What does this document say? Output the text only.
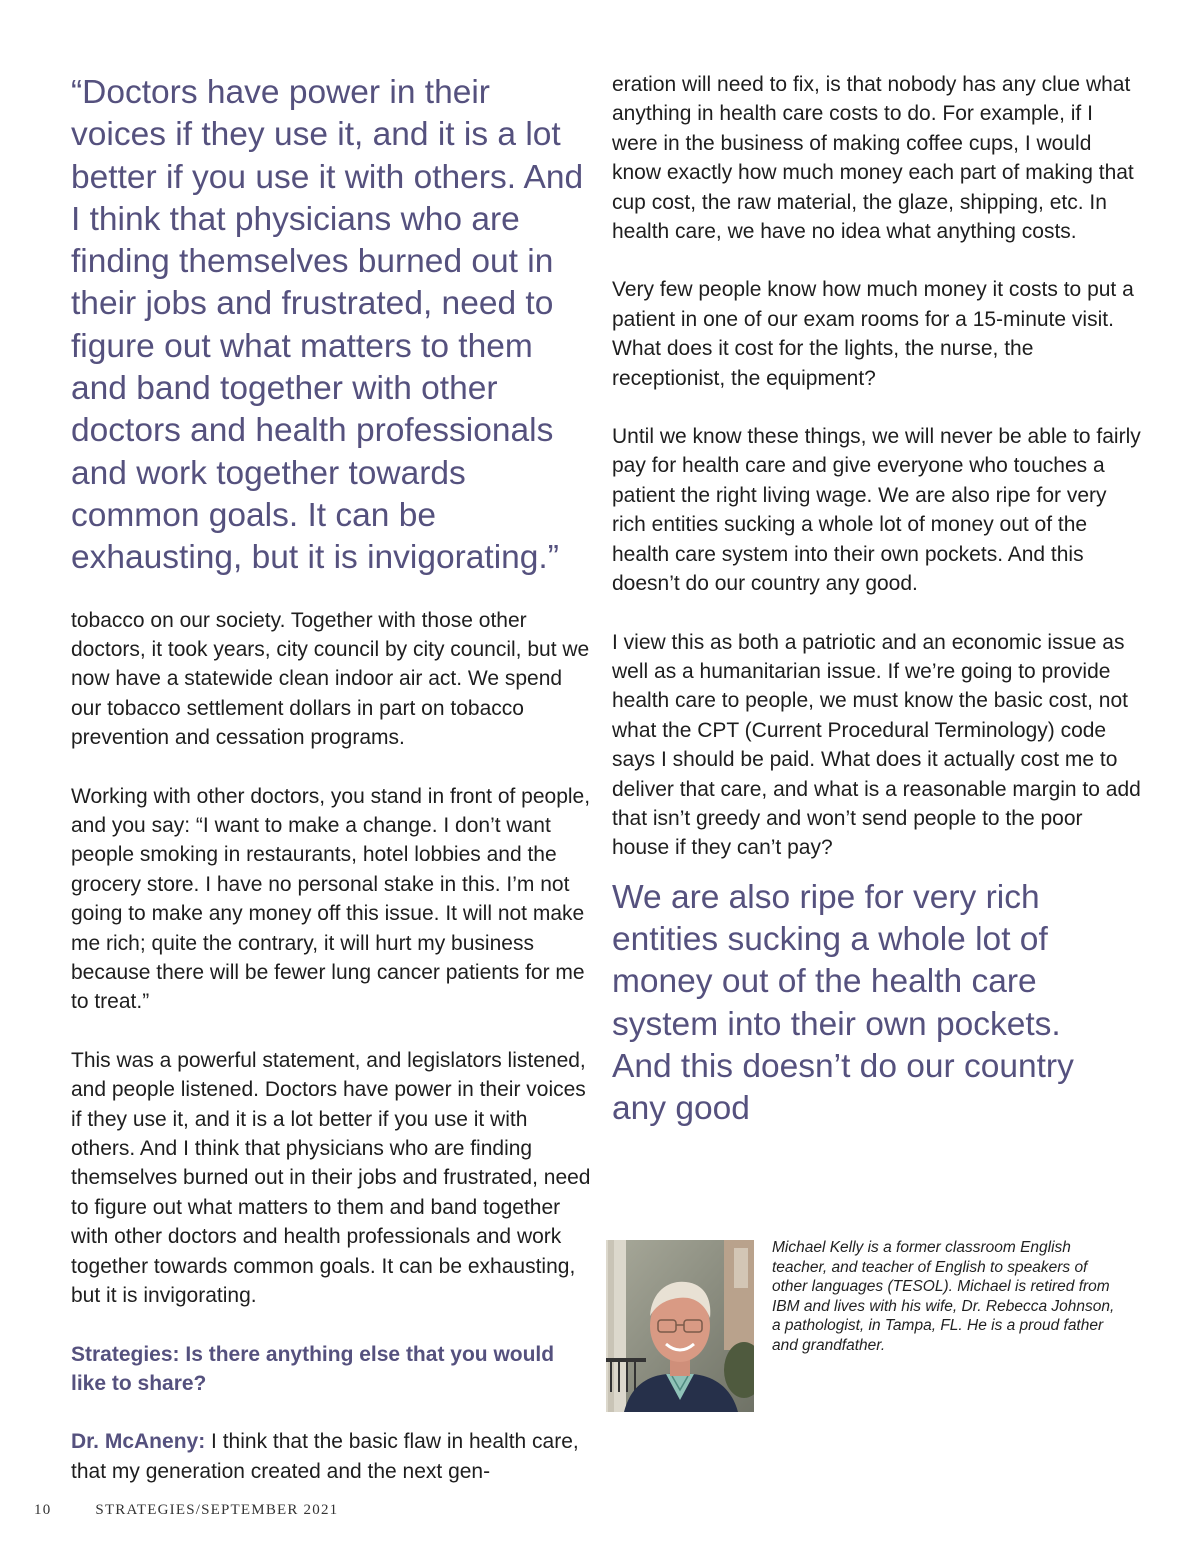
“Doctors have power in their voices if they use it, and it is a lot better if you use it with others. And I think that physicians who are finding themselves burned out in their jobs and frustrated, need to figure out what matters to them and band together with other doctors and health professionals and work together towards common goals. It can be exhausting, but it is invigorating.”

tobacco on our society. Together with those other doctors, it took years, city council by city council, but we now have a statewide clean indoor air act. We spend our tobacco settlement dollars in part on tobacco prevention and cessation programs.

Working with other doctors, you stand in front of people, and you say: “I want to make a change. I don’t want people smoking in restaurants, hotel lobbies and the grocery store. I have no personal stake in this. I’m not going to make any money off this issue. It will not make me rich; quite the contrary, it will hurt my business because there will be fewer lung cancer patients for me to treat.”

This was a powerful statement, and legislators listened, and people listened. Doctors have power in their voices if they use it, and it is a lot better if you use it with others. And I think that physicians who are finding themselves burned out in their jobs and frustrated, need to figure out what matters to them and band together with other doctors and health professionals and work together towards common goals. It can be exhausting, but it is invigorating.

Strategies: Is there anything else that you would like to share?

Dr. McAneny: I think that the basic flaw in health care, that my generation created and the next gen-

eration will need to fix, is that nobody has any clue what anything in health care costs to do. For example, if I were in the business of making coffee cups, I would know exactly how much money each part of making that cup cost, the raw material, the glaze, shipping, etc. In health care, we have no idea what anything costs.

Very few people know how much money it costs to put a patient in one of our exam rooms for a 15-minute visit. What does it cost for the lights, the nurse, the receptionist, the equipment?

Until we know these things, we will never be able to fairly pay for health care and give everyone who touches a patient the right living wage. We are also ripe for very rich entities sucking a whole lot of money out of the health care system into their own pockets. And this doesn’t do our country any good.

I view this as both a patriotic and an economic issue as well as a humanitarian issue. If we’re going to provide health care to people, we must know the basic cost, not what the CPT (Current Procedural Terminology) code says I should be paid. What does it actually cost me to deliver that care, and what is a reasonable margin to add that isn’t greedy and won’t send people to the poor house if they can’t pay?

We are also ripe for very rich entities sucking a whole lot of money out of the health care system into their own pockets. And this doesn’t do our country any good

Michael Kelly is a former classroom English teacher, and teacher of English to speakers of other languages (TESOL). Michael is retired from IBM and lives with his wife, Dr. Rebecca Johnson, a pathologist, in Tampa, FL. He is a proud father and grandfather.

10	STRATEGIES/SEPTEMBER 2021
